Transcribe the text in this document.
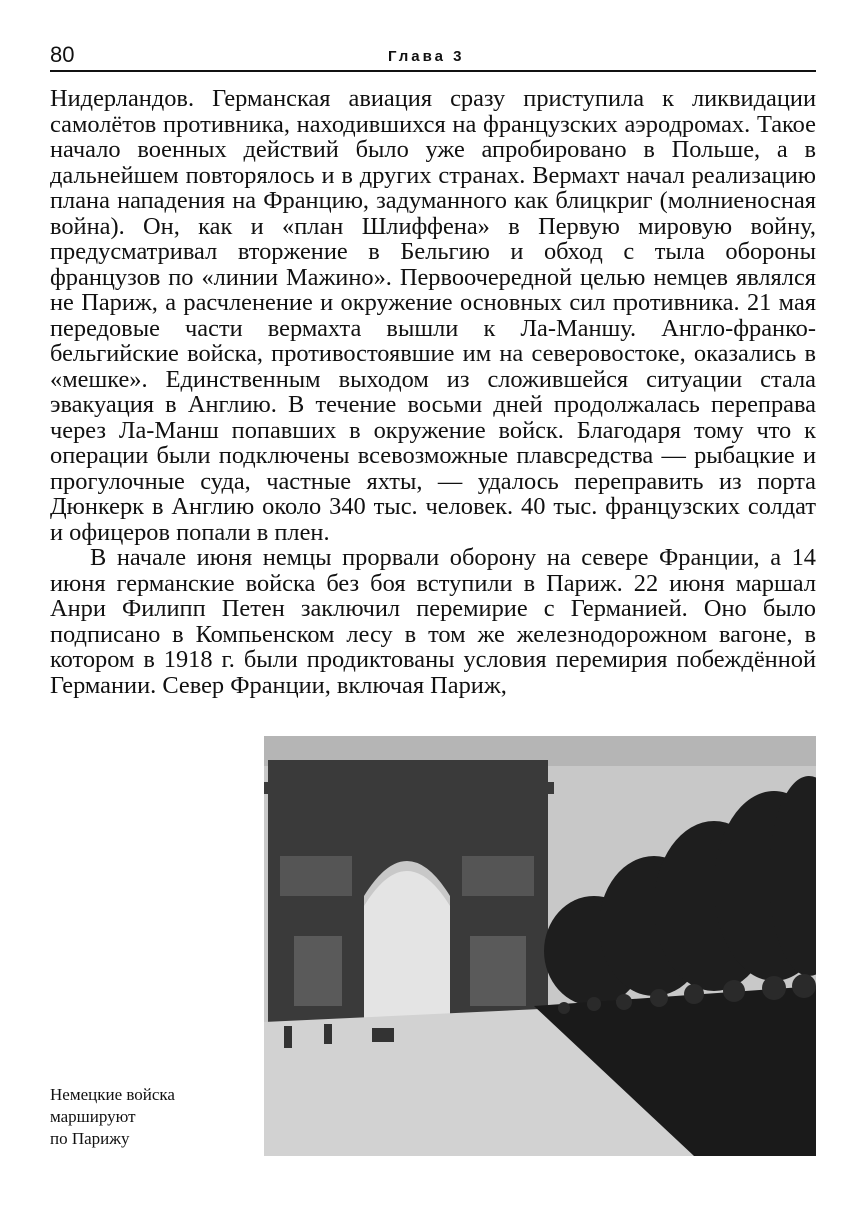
80	Глава 3

Нидерландов. Германская авиация сразу приступила к ликвидации самолётов противника, находившихся на французских аэродромах. Такое начало военных действий было уже апробировано в Польше, а в дальнейшем повторялось и в других странах. Вермахт начал реализацию плана нападения на Францию, задуманного как блицкриг (молниеносная война). Он, как и «план Шлиффена» в Первую мировую войну, предусматривал вторжение в Бельгию и обход с тыла обороны французов по «линии Мажино». Первоочередной целью немцев являлся не Париж, а расчленение и окружение основных сил противника. 21 мая передовые части вермахта вышли к Ла-Маншу. Англо-франко-бельгийские войска, противостоявшие им на северовостоке, оказались в «мешке». Единственным выходом из сложившейся ситуации стала эвакуация в Англию. В течение восьми дней продолжалась переправа через Ла-Манш попавших в окружение войск. Благодаря тому что к операции были подключены всевозможные плавсредства — рыбацкие и прогулочные суда, частные яхты, — удалось переправить из порта Дюнкерк в Англию около 340 тыс. человек. 40 тыс. французских солдат и офицеров попали в плен.

В начале июня немцы прорвали оборону на севере Франции, а 14 июня германские войска без боя вступили в Париж. 22 июня маршал Анри Филипп Петен заключил перемирие с Германией. Оно было подписано в Компьенском лесу в том же железнодорожном вагоне, в котором в 1918 г. были продиктованы условия перемирия побеждённой Германии. Север Франции, включая Париж,

Немецкие войска
маршируют
по Парижу
